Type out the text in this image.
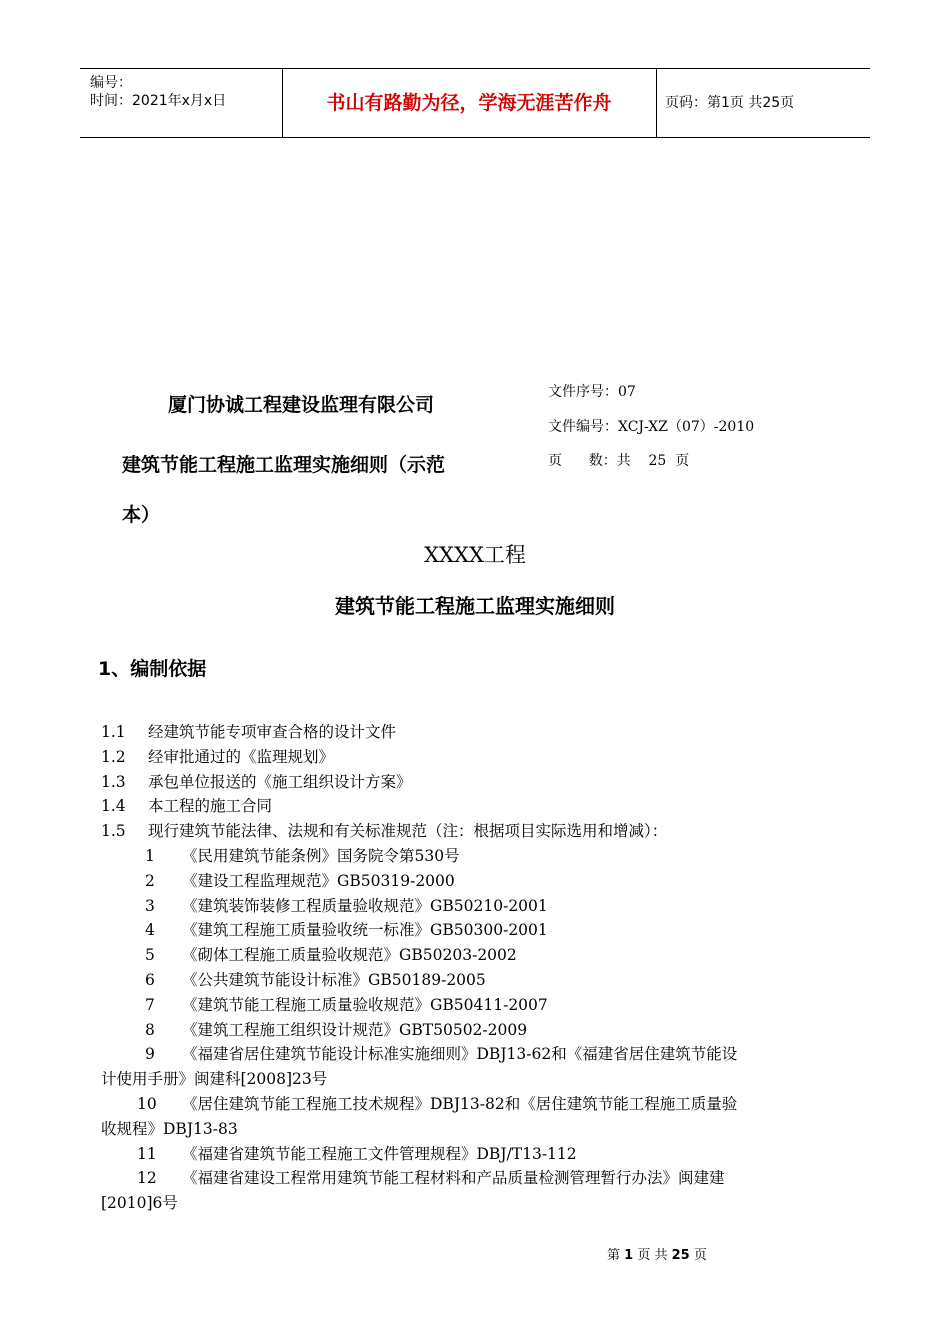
编号：
时间：2021年x月x日	书山有路勤为径，学海无涯苦作舟	页码：第1页 共25页
厦门协诚工程建设监理有限公司
建筑节能工程施工监理实施细则（示范
本）
文件序号：07
文件编号：XCJ-XZ（07）-2010
页      数：共    25  页
XXXX工程
建筑节能工程施工监理实施细则
1、编制依据
1.1 经建筑节能专项审查合格的设计文件
1.2 经审批通过的《监理规划》
1.3 承包单位报送的《施工组织设计方案》
1.4 本工程的施工合同
1.5 现行建筑节能法律、法规和有关标准规范（注：根据项目实际选用和增减）：
1 《民用建筑节能条例》国务院令第530号
2 《建设工程监理规范》GB50319-2000
3 《建筑装饰装修工程质量验收规范》GB50210-2001
4 《建筑工程施工质量验收统一标准》GB50300-2001
5 《砌体工程施工质量验收规范》GB50203-2002
6 《公共建筑节能设计标准》GB50189-2005
7 《建筑节能工程施工质量验收规范》GB50411-2007
8 《建筑工程施工组织设计规范》GBT50502-2009
9 《福建省居住建筑节能设计标准实施细则》DBJ13-62和《福建省居住建筑节能设
计使用手册》闽建科[2008]23号
10 《居住建筑节能工程施工技术规程》DBJ13-82和《居住建筑节能工程施工质量验
收规程》DBJ13-83
11 《福建省建筑节能工程施工文件管理规程》DBJ/T13-112
12 《福建省建设工程常用建筑节能工程材料和产品质量检测管理暂行办法》闽建建
[2010]6号
第 1 页 共 25 页
